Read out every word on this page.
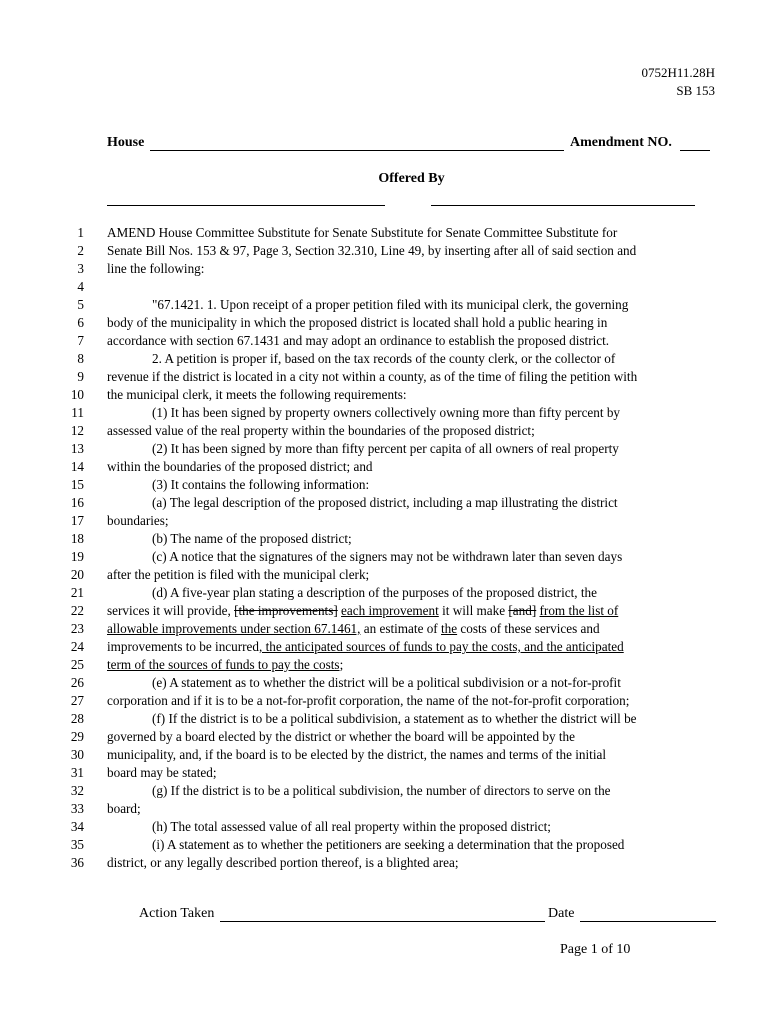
0752H11.28H
SB 153
House	Amendment NO.
Offered By
1 AMEND House Committee Substitute for Senate Substitute for Senate Committee Substitute for
2 Senate Bill Nos. 153 & 97, Page 3, Section 32.310, Line 49, by inserting after all of said section and
3 line the following:
4
5	"67.1421. 1. Upon receipt of a proper petition filed with its municipal clerk, the governing
6 body of the municipality in which the proposed district is located shall hold a public hearing in
7 accordance with section 67.1431 and may adopt an ordinance to establish the proposed district.
8	2. A petition is proper if, based on the tax records of the county clerk, or the collector of
9 revenue if the district is located in a city not within a county, as of the time of filing the petition with
10 the municipal clerk, it meets the following requirements:
11	(1) It has been signed by property owners collectively owning more than fifty percent by
12 assessed value of the real property within the boundaries of the proposed district;
13	(2) It has been signed by more than fifty percent per capita of all owners of real property
14 within the boundaries of the proposed district; and
15	(3) It contains the following information:
16	(a) The legal description of the proposed district, including a map illustrating the district
17 boundaries;
18	(b) The name of the proposed district;
19	(c) A notice that the signatures of the signers may not be withdrawn later than seven days
20 after the petition is filed with the municipal clerk;
21	(d) A five-year plan stating a description of the purposes of the proposed district, the
22 services it will provide, [the improvements] each improvement it will make [and] from the list of
23 allowable improvements under section 67.1461, an estimate of the costs of these services and
24 improvements to be incurred, the anticipated sources of funds to pay the costs, and the anticipated
25 term of the sources of funds to pay the costs;
26	(e) A statement as to whether the district will be a political subdivision or a not-for-profit
27 corporation and if it is to be a not-for-profit corporation, the name of the not-for-profit corporation;
28	(f) If the district is to be a political subdivision, a statement as to whether the district will be
29 governed by a board elected by the district or whether the board will be appointed by the
30 municipality, and, if the board is to be elected by the district, the names and terms of the initial
31 board may be stated;
32	(g) If the district is to be a political subdivision, the number of directors to serve on the
33 board;
34	(h) The total assessed value of all real property within the proposed district;
35	(i) A statement as to whether the petitioners are seeking a determination that the proposed
36 district, or any legally described portion thereof, is a blighted area;
Action Taken	Date
Page 1 of 10
